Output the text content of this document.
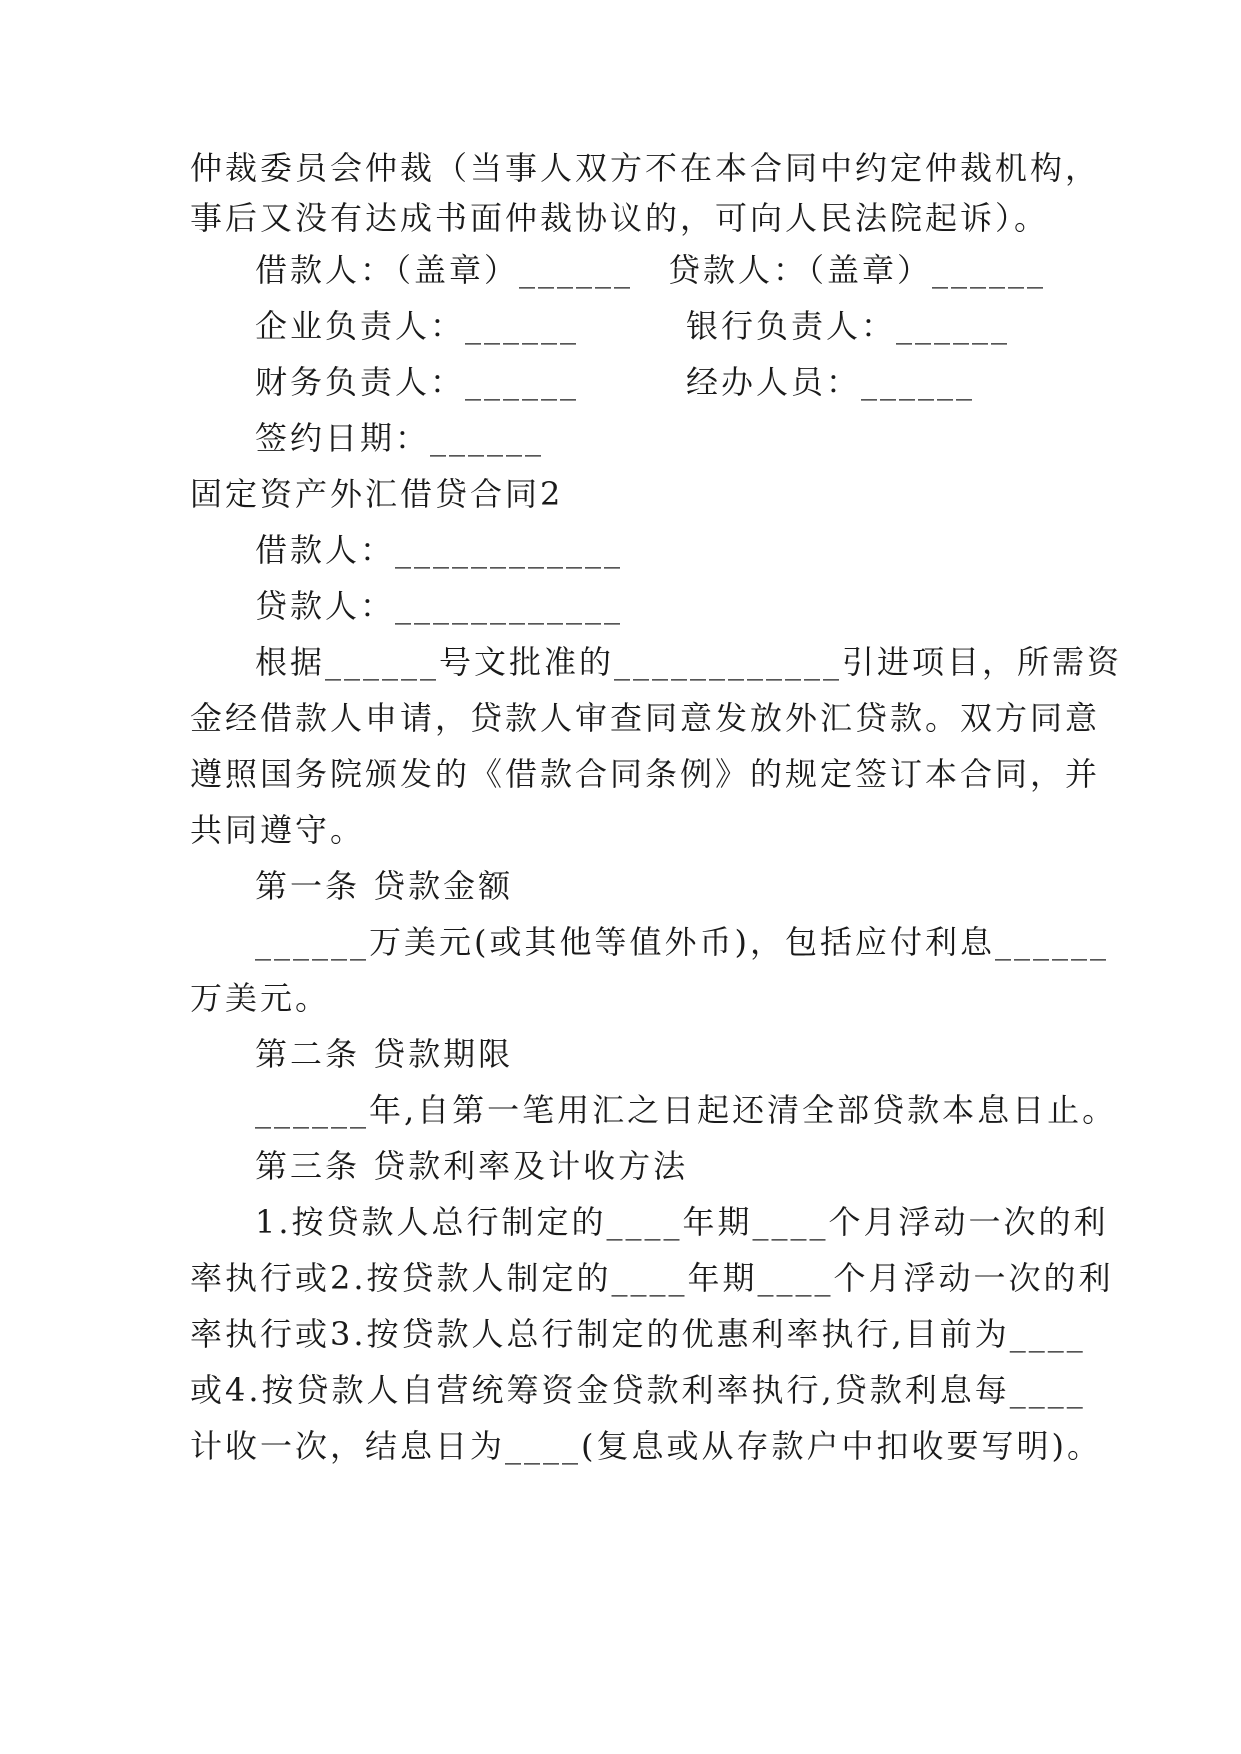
仲裁委员会仲裁（当事人双方不在本合同中约定仲裁机构，
事后又没有达成书面仲裁协议的，可向人民法院起诉）。
借款人：（盖章）______ 贷款人：（盖章）______
企业负责人：______	银行负责人：______
财务负责人：______	经办人员：______
签约日期：______
固定资产外汇借贷合同2
借款人：____________
贷款人：____________
根据______号文批准的____________引进项目，所需资
金经借款人申请，贷款人审查同意发放外汇贷款。双方同意
遵照国务院颁发的《借款合同条例》的规定签订本合同，并
共同遵守。
第一条 贷款金额
______万美元(或其他等值外币)，包括应付利息______
万美元。
第二条 贷款期限
______年,自第一笔用汇之日起还清全部贷款本息日止。
第三条 贷款利率及计收方法
1.按贷款人总行制定的____年期____个月浮动一次的利
率执行或2.按贷款人制定的____年期____个月浮动一次的利
率执行或3.按贷款人总行制定的优惠利率执行,目前为____
或4.按贷款人自营统筹资金贷款利率执行,贷款利息每____
计收一次，结息日为____(复息或从存款户中扣收要写明)。
